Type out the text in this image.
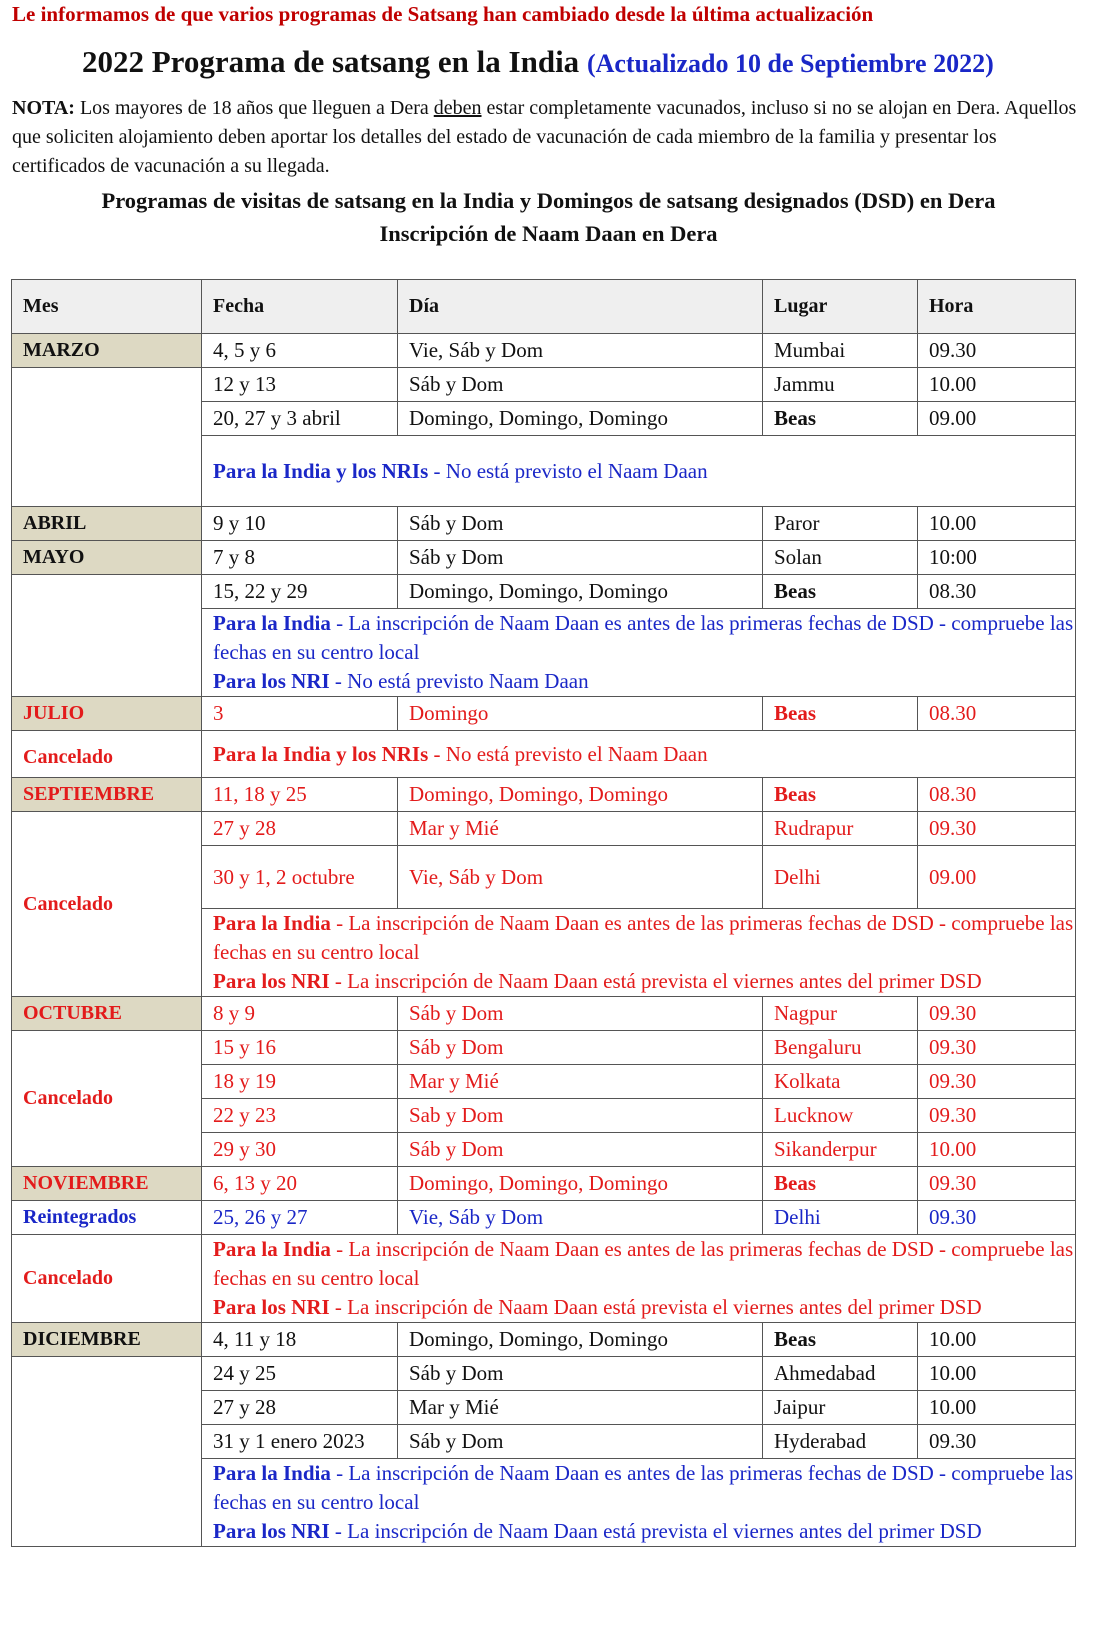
Le informamos de que varios programas de Satsang han cambiado desde la última actualización
2022 Programa de satsang en la India (Actualizado 10 de Septiembre 2022)
NOTA: Los mayores de 18 años que lleguen a Dera deben estar completamente vacunados, incluso si no se alojan en Dera. Aquellos que soliciten alojamiento deben aportar los detalles del estado de vacunación de cada miembro de la familia y presentar los certificados de vacunación a su llegada.
Programas de visitas de satsang en la India y Domingos de satsang designados (DSD) en Dera
Inscripción de Naam Daan en Dera
Mes	Fecha	Día	Lugar	Hora
MARZO	4, 5 y 6	Vie, Sáb y Dom	Mumbai	09.30
	12 y 13	Sáb y Dom	Jammu	10.00
	20, 27 y 3 abril	Domingo, Domingo, Domingo	Beas	09.00
	Para la India y los NRIs - No está previsto el Naam Daan			
ABRIL	9 y 10	Sáb y Dom	Paror	10.00
MAYO	7 y 8	Sáb y Dom	Solan	10:00
	15, 22 y 29	Domingo, Domingo, Domingo	Beas	08.30

	Para la India - La inscripción de Naam Daan es antes de las primeras fechas de DSD - compruebe las fechas en su centro local
Para los NRI - No está previsto Naam Daan			

JULIO	3	Domingo	Beas	08.30
Cancelado	Para la India y los NRIs - No está previsto el Naam Daan			
SEPTIEMBRE	11, 18 y 25	Domingo, Domingo, Domingo	Beas	08.30
Cancelado	27 y 28	Mar y Mié	Rudrapur	09.30
	30 y 1, 2 octubre	Vie, Sáb y Dom	Delhi	09.00

	Para la India - La inscripción de Naam Daan es antes de las primeras fechas de DSD - compruebe las fechas en su centro local
Para los NRI - La inscripción de Naam Daan está prevista el viernes antes del primer DSD			

OCTUBRE	8 y 9	Sáb y Dom	Nagpur	09.30
Cancelado	15 y 16	Sáb y Dom	Bengaluru	09.30
	18 y 19	Mar y Mié	Kolkata	09.30
	22 y 23	Sab y Dom	Lucknow	09.30
	29 y 30	Sáb y Dom	Sikanderpur	10.00
NOVIEMBRE	6, 13 y 20	Domingo, Domingo, Domingo	Beas	09.30
Reintegrados	25, 26 y 27	Vie, Sáb y Dom	Delhi	09.30
Cancelado	Para la India - La inscripción de Naam Daan es antes de las primeras fechas de DSD - compruebe las fechas en su centro local
Para los NRI - La inscripción de Naam Daan está prevista el viernes antes del primer DSD			

DICIEMBRE	4, 11 y 18	Domingo, Domingo, Domingo	Beas	10.00
	24 y 25	Sáb y Dom	Ahmedabad	10.00
	27 y 28	Mar y Mié	Jaipur	10.00
	31 y 1 enero 2023	Sáb y Dom	Hyderabad	09.30

	Para la India - La inscripción de Naam Daan es antes de las primeras fechas de DSD - compruebe las fechas en su centro local
Para los NRI - La inscripción de Naam Daan está prevista el viernes antes del primer DSD			
